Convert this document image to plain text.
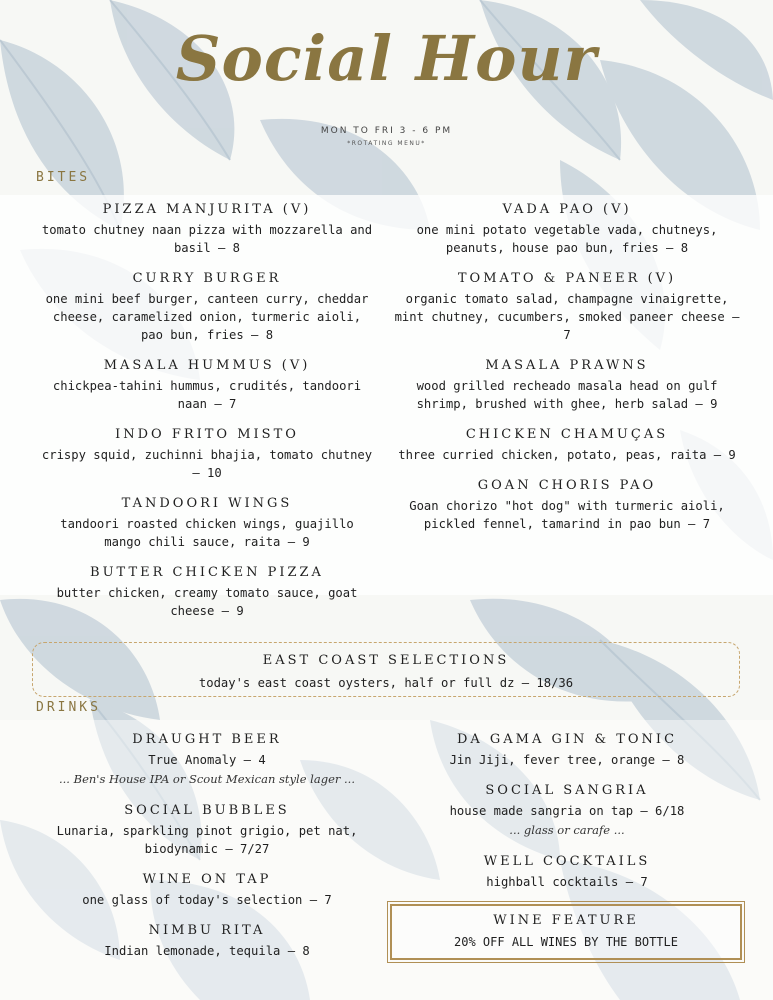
Social Hour
MON TO FRI 3 - 6 PM
*ROTATING MENU*
BITES
PIZZA MANJURITA (V)
tomato chutney naan pizza with mozzarella and basil — 8
CURRY BURGER
one mini beef burger, canteen curry, cheddar cheese, caramelized onion, turmeric aioli, pao bun, fries — 8
MASALA HUMMUS (V)
chickpea-tahini hummus, crudités, tandoori naan — 7
INDO FRITO MISTO
crispy squid, zuchinni bhajia, tomato chutney — 10
TANDOORI WINGS
tandoori roasted chicken wings, guajillo mango chili sauce, raita — 9
BUTTER CHICKEN PIZZA
butter chicken, creamy tomato sauce, goat cheese — 9
VADA PAO (V)
one mini potato vegetable vada, chutneys, peanuts, house pao bun, fries — 8
TOMATO & PANEER (V)
organic tomato salad, champagne vinaigrette, mint chutney, cucumbers, smoked paneer cheese — 7
MASALA PRAWNS
wood grilled recheado masala head on gulf shrimp, brushed with ghee, herb salad — 9
CHICKEN CHAMUÇAS
three curried chicken, potato, peas, raita — 9
GOAN CHORIS PAO
Goan chorizo "hot dog" with turmeric aioli, pickled fennel, tamarind in pao bun — 7
EAST COAST SELECTIONS
today's east coast oysters, half or full dz — 18/36
DRINKS
DRAUGHT BEER
True Anomaly — 4
... Ben's House IPA or Scout Mexican style lager ...
SOCIAL BUBBLES
Lunaria, sparkling pinot grigio, pet nat, biodynamic — 7/27
WINE ON TAP
one glass of today's selection — 7
NIMBU RITA
Indian lemonade, tequila — 8
DA GAMA GIN & TONIC
Jin Jiji, fever tree, orange — 8
SOCIAL SANGRIA
house made sangria on tap — 6/18
... glass or carafe ...
WELL COCKTAILS
highball cocktails — 7
WINE FEATURE
20% OFF ALL WINES BY THE BOTTLE
